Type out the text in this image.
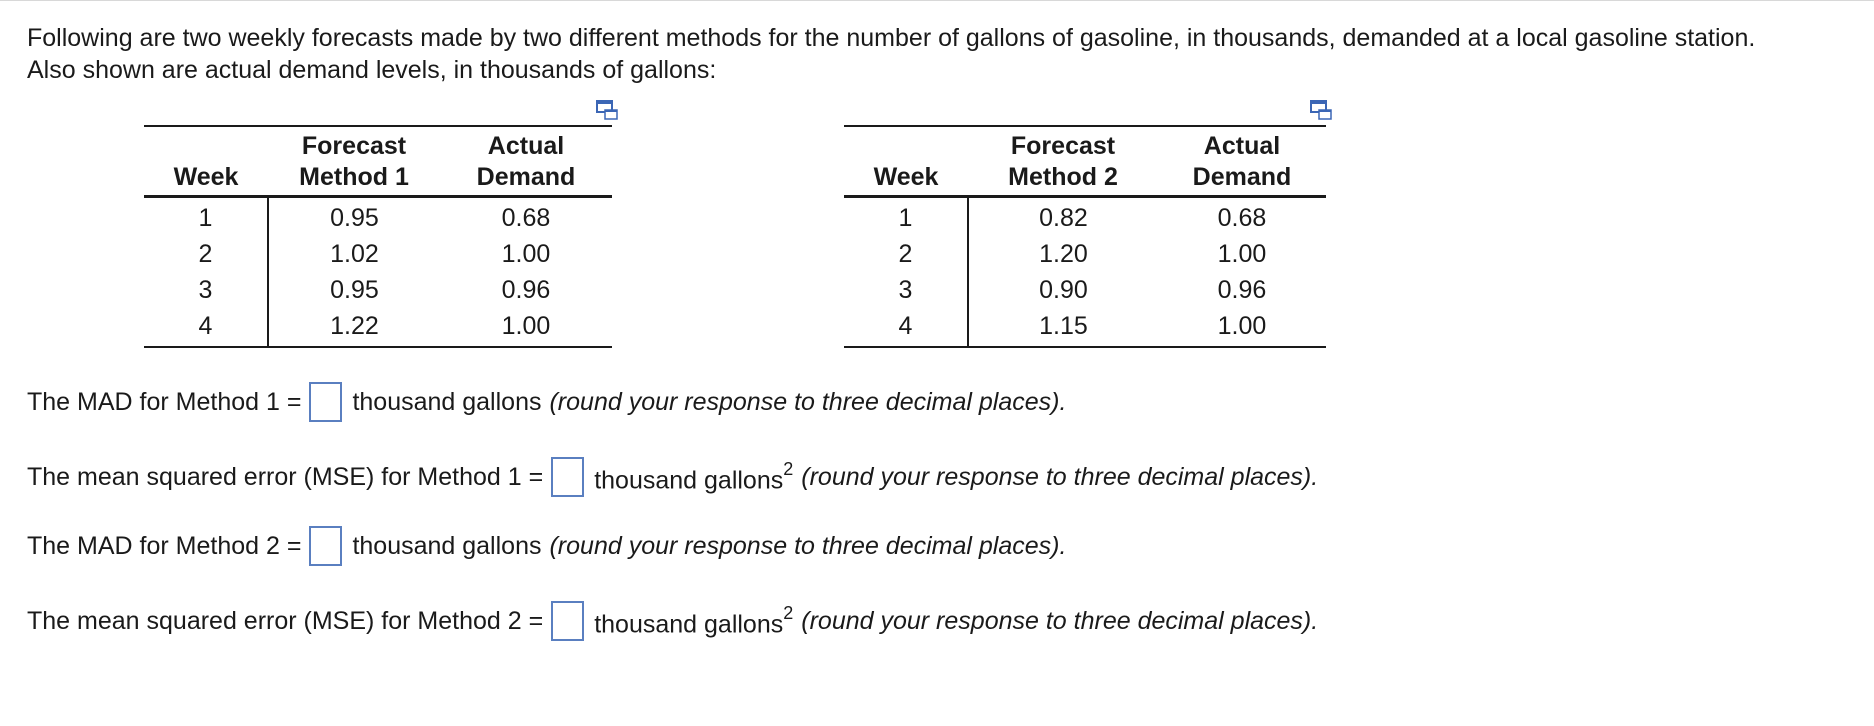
Following are two weekly forecasts made by two different methods for the number of gallons of gasoline, in thousands, demanded at a local gasoline station.

Also shown are actual demand levels, in thousands of gallons:

	Forecast	Actual
Week	Method 1	Demand
1	0.95	0.68
2	1.02	1.00
3	0.95	0.96
4	1.22	1.00

	Forecast	Actual
Week	Method 2	Demand
1	0.82	0.68
2	1.20	1.00
3	0.90	0.96
4	1.15	1.00
The MAD for Method 1 = thousand gallons (round your response to three decimal places).
The mean squared error (MSE) for Method 1 = thousand gallons$^2$ (round your response to three decimal places).
The MAD for Method 2 = thousand gallons (round your response to three decimal places).
The mean squared error (MSE) for Method 2 = thousand gallons$^2$ (round your response to three decimal places).
